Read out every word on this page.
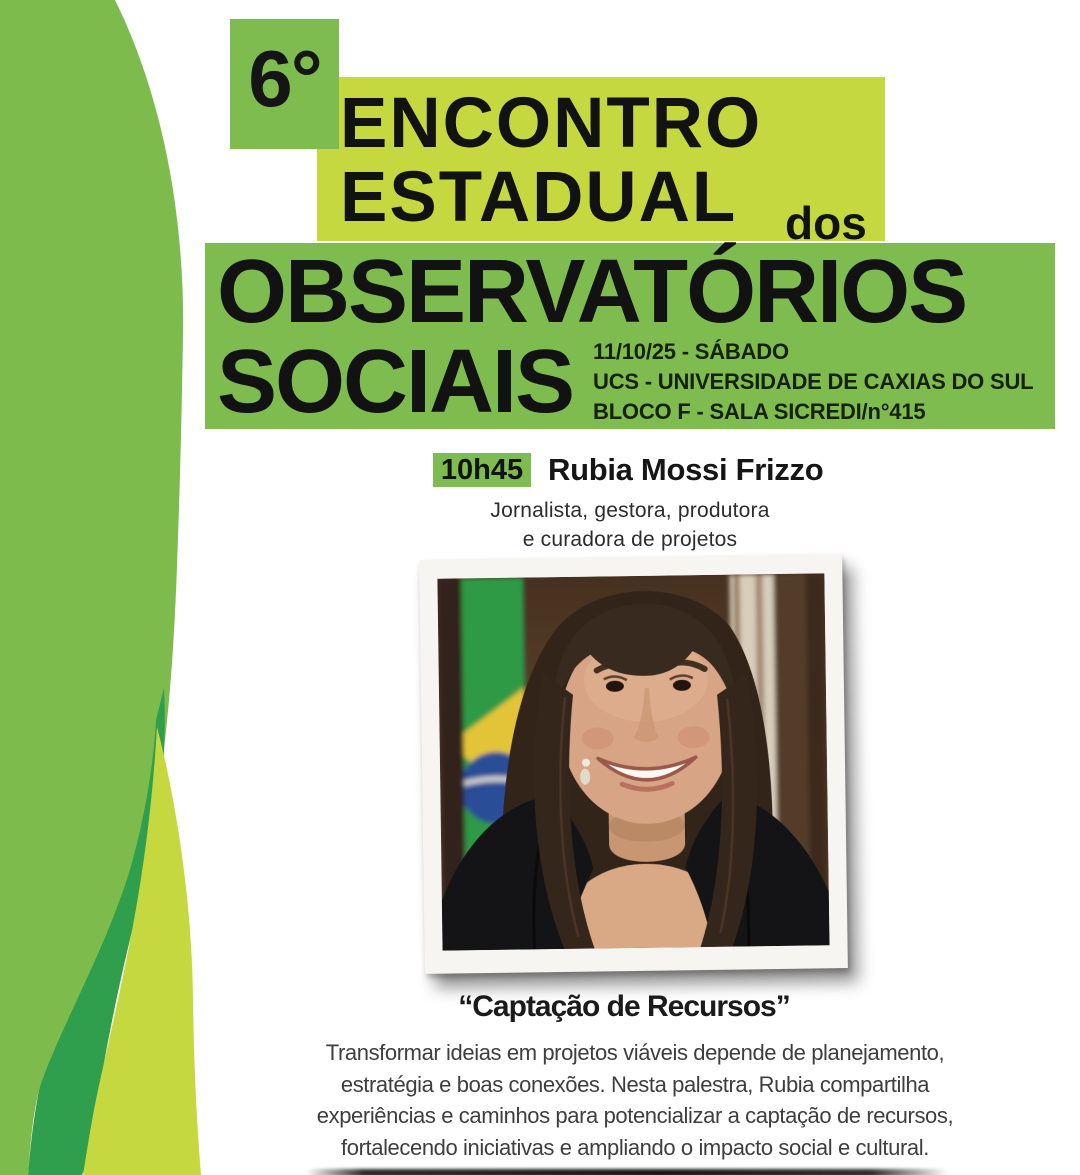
6°
ENCONTRO
ESTADUAL	dos
OBSERVATÓRIOS
SOCIAIS 11/10/25 - SÁBADO
UCS - UNIVERSIDADE DE CAXIAS DO SUL
BLOCO F - SALA SICREDI/n°415
10h45 Rubia Mossi Frizzo
Jornalista, gestora, produtora
e curadora de projetos
“Captação de Recursos”
Transformar ideias em projetos viáveis depende de planejamento,
estratégia e boas conexões. Nesta palestra, Rubia compartilha
experiências e caminhos para potencializar a captação de recursos,
fortalecendo iniciativas e ampliando o impacto social e cultural.
